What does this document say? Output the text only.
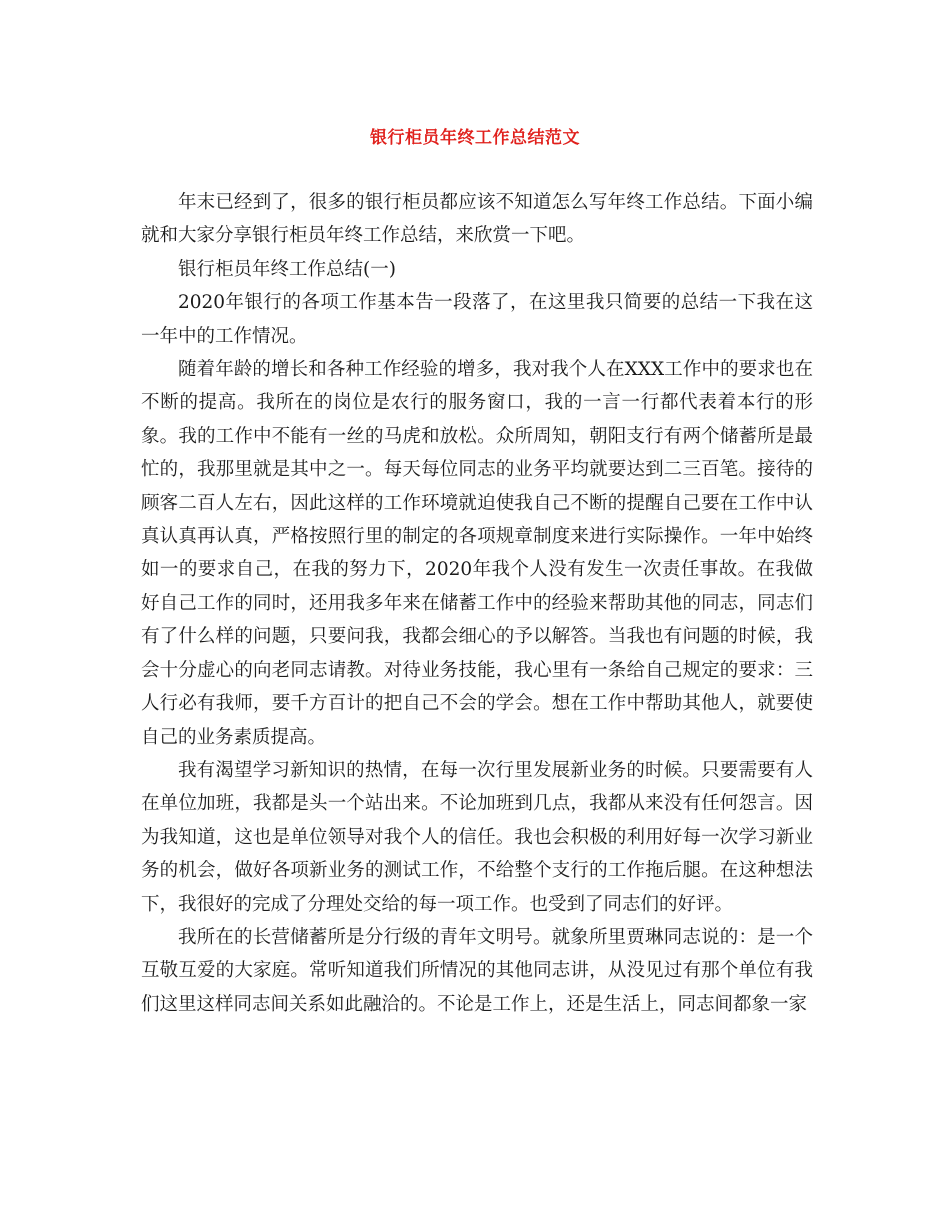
银行柜员年终工作总结范文

年末已经到了，很多的银行柜员都应该不知道怎么写年终工作总结。下面小编就和大家分享银行柜员年终工作总结，来欣赏一下吧。

银行柜员年终工作总结(一)

2020年银行的各项工作基本告一段落了，在这里我只简要的总结一下我在这一年中的工作情况。

随着年龄的增长和各种工作经验的增多，我对我个人在XXX工作中的要求也在不断的提高。我所在的岗位是农行的服务窗口，我的一言一行都代表着本行的形象。我的工作中不能有一丝的马虎和放松。众所周知，朝阳支行有两个储蓄所是最忙的，我那里就是其中之一。每天每位同志的业务平均就要达到二三百笔。接待的顾客二百人左右，因此这样的工作环境就迫使我自己不断的提醒自己要在工作中认真认真再认真，严格按照行里的制定的各项规章制度来进行实际操作。一年中始终如一的要求自己，在我的努力下，2020年我个人没有发生一次责任事故。在我做好自己工作的同时，还用我多年来在储蓄工作中的经验来帮助其他的同志，同志们有了什么样的问题，只要问我，我都会细心的予以解答。当我也有问题的时候，我会十分虚心的向老同志请教。对待业务技能，我心里有一条给自己规定的要求：三人行必有我师，要千方百计的把自己不会的学会。想在工作中帮助其他人，就要使自己的业务素质提高。

我有渴望学习新知识的热情，在每一次行里发展新业务的时候。只要需要有人在单位加班，我都是头一个站出来。不论加班到几点，我都从来没有任何怨言。因为我知道，这也是单位领导对我个人的信任。我也会积极的利用好每一次学习新业务的机会，做好各项新业务的测试工作，不给整个支行的工作拖后腿。在这种想法下，我很好的完成了分理处交给的每一项工作。也受到了同志们的好评。

我所在的长营储蓄所是分行级的青年文明号。就象所里贾琳同志说的：是一个互敬互爱的大家庭。常听知道我们所情况的其他同志讲，从没见过有那个单位有我们这里这样同志间关系如此融洽的。不论是工作上，还是生活上，同志间都象一家
